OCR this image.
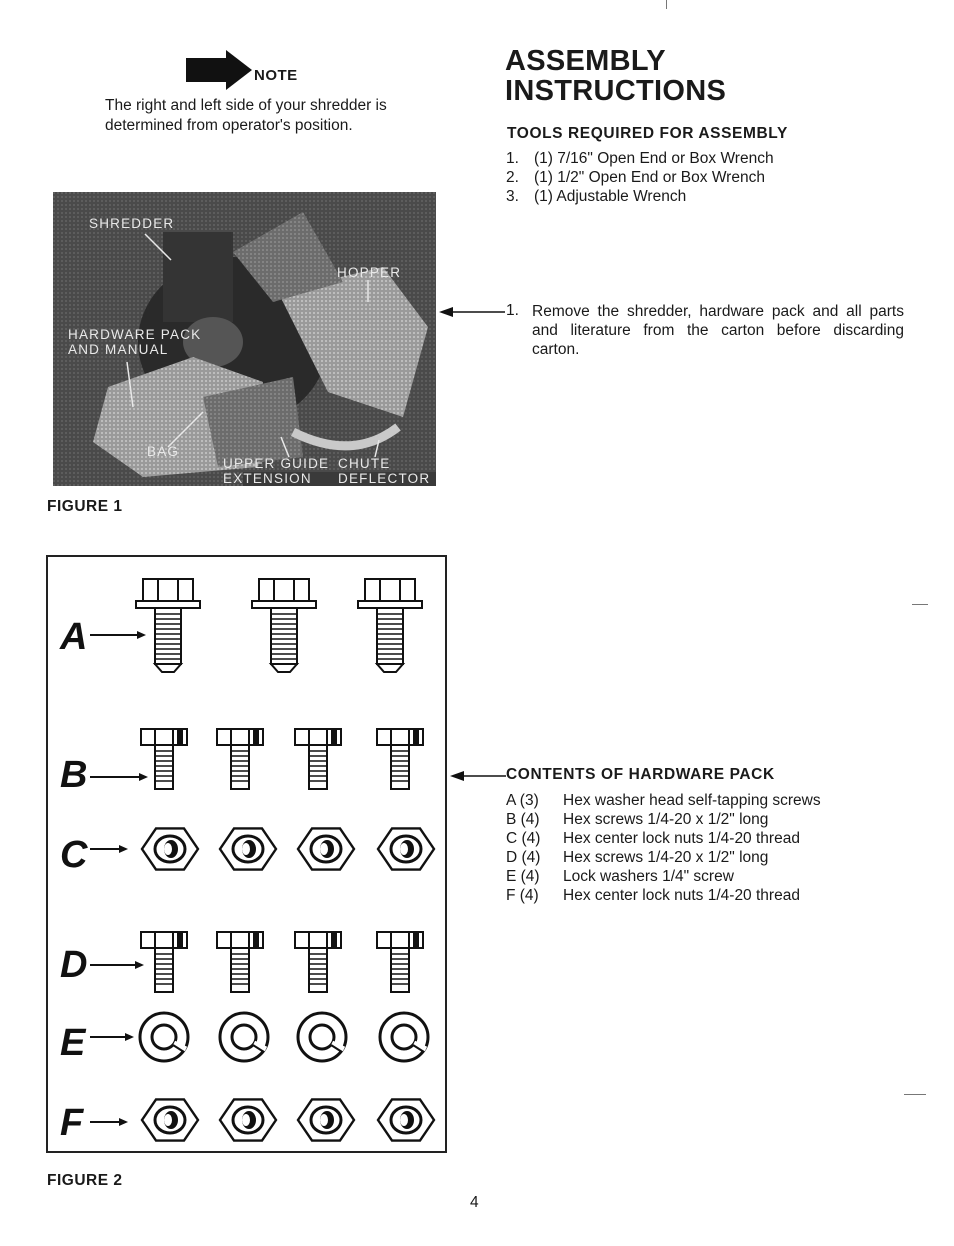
NOTE
The right and left side of your shredder is determined from operator's position.
ASSEMBLY
INSTRUCTIONS
TOOLS REQUIRED FOR ASSEMBLY
1. (1) 7/16" Open End or Box Wrench
2. (1) 1/2" Open End or Box Wrench
3. (1) Adjustable Wrench
SHREDDER
HOPPER
HARDWARE PACK
AND MANUAL
BAG
UPPER GUIDE
EXTENSION
CHUTE
DEFLECTOR
FIGURE 1
1. Remove the shredder, hardware pack and all parts and literature from the carton before discarding carton.
A
B
C
D
E
F
FIGURE 2
CONTENTS OF HARDWARE PACK
A (3) Hex washer head self-tapping screws
B (4) Hex screws 1/4-20 x 1/2" long
C (4) Hex center lock nuts 1/4-20 thread
D (4) Hex screws 1/4-20 x 1/2" long
E (4) Lock washers 1/4" screw
F (4) Hex center lock nuts 1/4-20 thread
4
